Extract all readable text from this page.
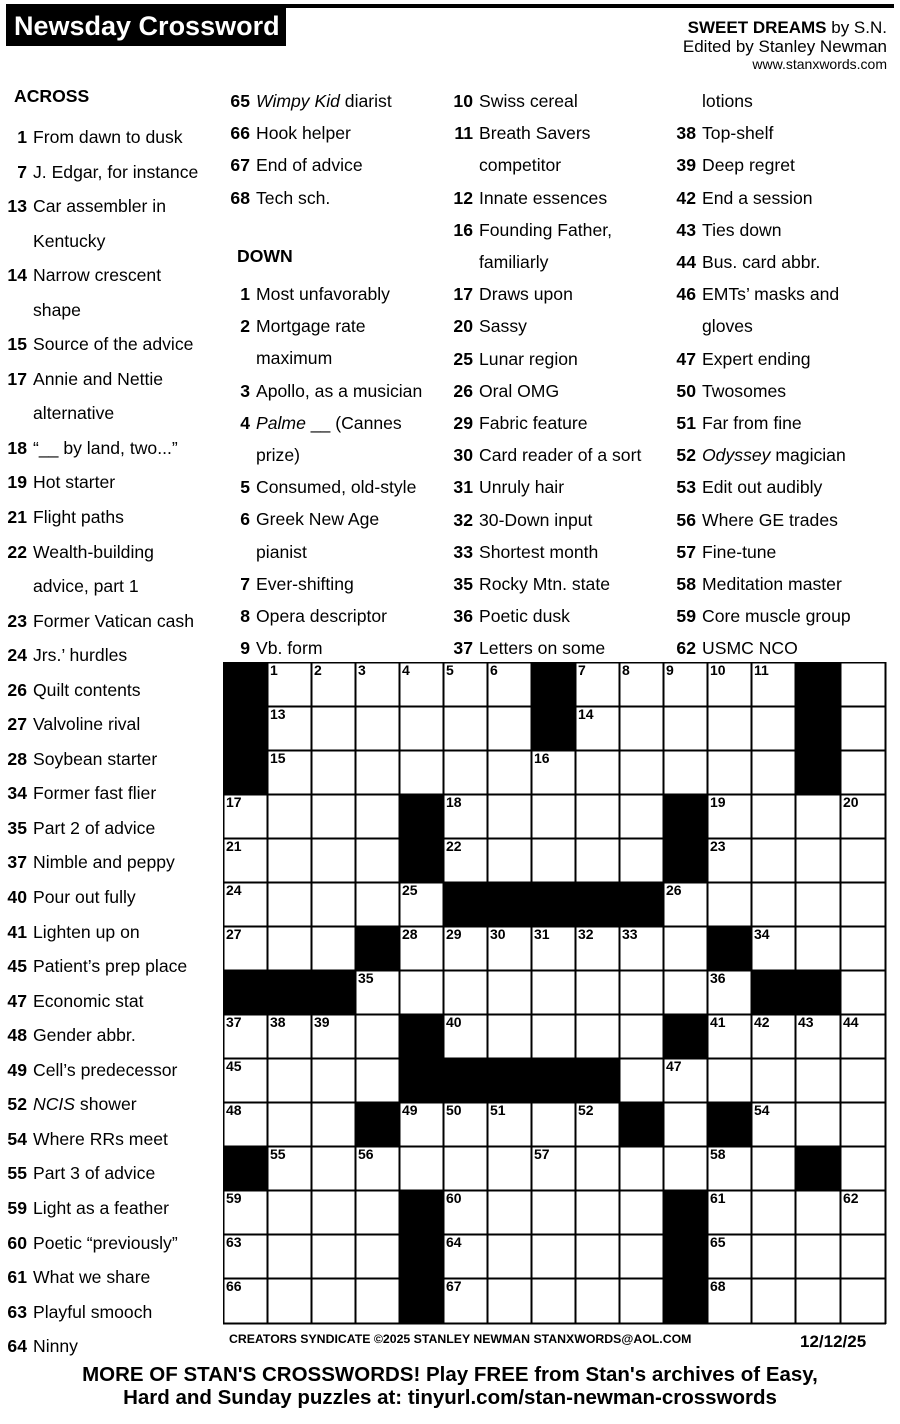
Newsday Crossword	SWEET DREAMS by S.N.
Edited by Stanley Newman
www.stanxwords.com
ACROSS
DOWN
1 From dawn to dusk
7 J. Edgar, for instance
13 Car assembler in
Kentucky
14 Narrow crescent
shape
15 Source of the advice
17 Annie and Nettie
alternative
18 “__ by land, two...”
19 Hot starter
21 Flight paths
22 Wealth-building
advice, part 1
23 Former Vatican cash
24 Jrs.’ hurdles
26 Quilt contents
27 Valvoline rival
28 Soybean starter
34 Former fast flier
35 Part 2 of advice
37 Nimble and peppy
40 Pour out fully
41 Lighten up on
45 Patient’s prep place
47 Economic stat
48 Gender abbr.
49 Cell’s predecessor
52 NCIS shower
54 Where RRs meet
55 Part 3 of advice
59 Light as a feather
60 Poetic “previously”
61 What we share
63 Playful smooch
64 Ninny
65 Wimpy Kid diarist
66 Hook helper
67 End of advice
68 Tech sch.
1 Most unfavorably
2 Mortgage rate
maximum
3 Apollo, as a musician
4 Palme __ (Cannes
prize)
5 Consumed, old-style
6 Greek New Age
pianist
7 Ever-shifting
8 Opera descriptor
9 Vb. form
10 Swiss cereal
11 Breath Savers
competitor
12 Innate essences
16 Founding Father,
familiarly
17 Draws upon
20 Sassy
25 Lunar region
26 Oral OMG
29 Fabric feature
30 Card reader of a sort
31 Unruly hair
32 30-Down input
33 Shortest month
35 Rocky Mtn. state
36 Poetic dusk
37 Letters on some
lotions
38 Top-shelf
39 Deep regret
42 End a session
43 Ties down
44 Bus. card abbr.
46 EMTs’ masks and
gloves
47 Expert ending
50 Twosomes
51 Far from fine
52 Odyssey magician
53 Edit out audibly
56 Where GE trades
57 Fine-tune
58 Meditation master
59 Core muscle group
62 USMC NCO
1	2	3	4	5	6	7	8	9	10 11 12
13	14
15	16
17	18	19	20
21	22	23
24	25	26
27	28 29 30 31 32 33	34
35	36
37 38 39	40	41 42 43 44
45	46	47
48	49 50 51	52 53	54
55	56	57	58
59	60	61	62
63	64	65
66	67	68
CREATORS SYNDICATE ©2025 STANLEY NEWMAN STANXWORDS@AOL.COM	12/12/25
MORE OF STAN'S CROSSWORDS! Play FREE from Stan's archives of Easy,
Hard and Sunday puzzles at: tinyurl.com/stan-newman-crosswords
